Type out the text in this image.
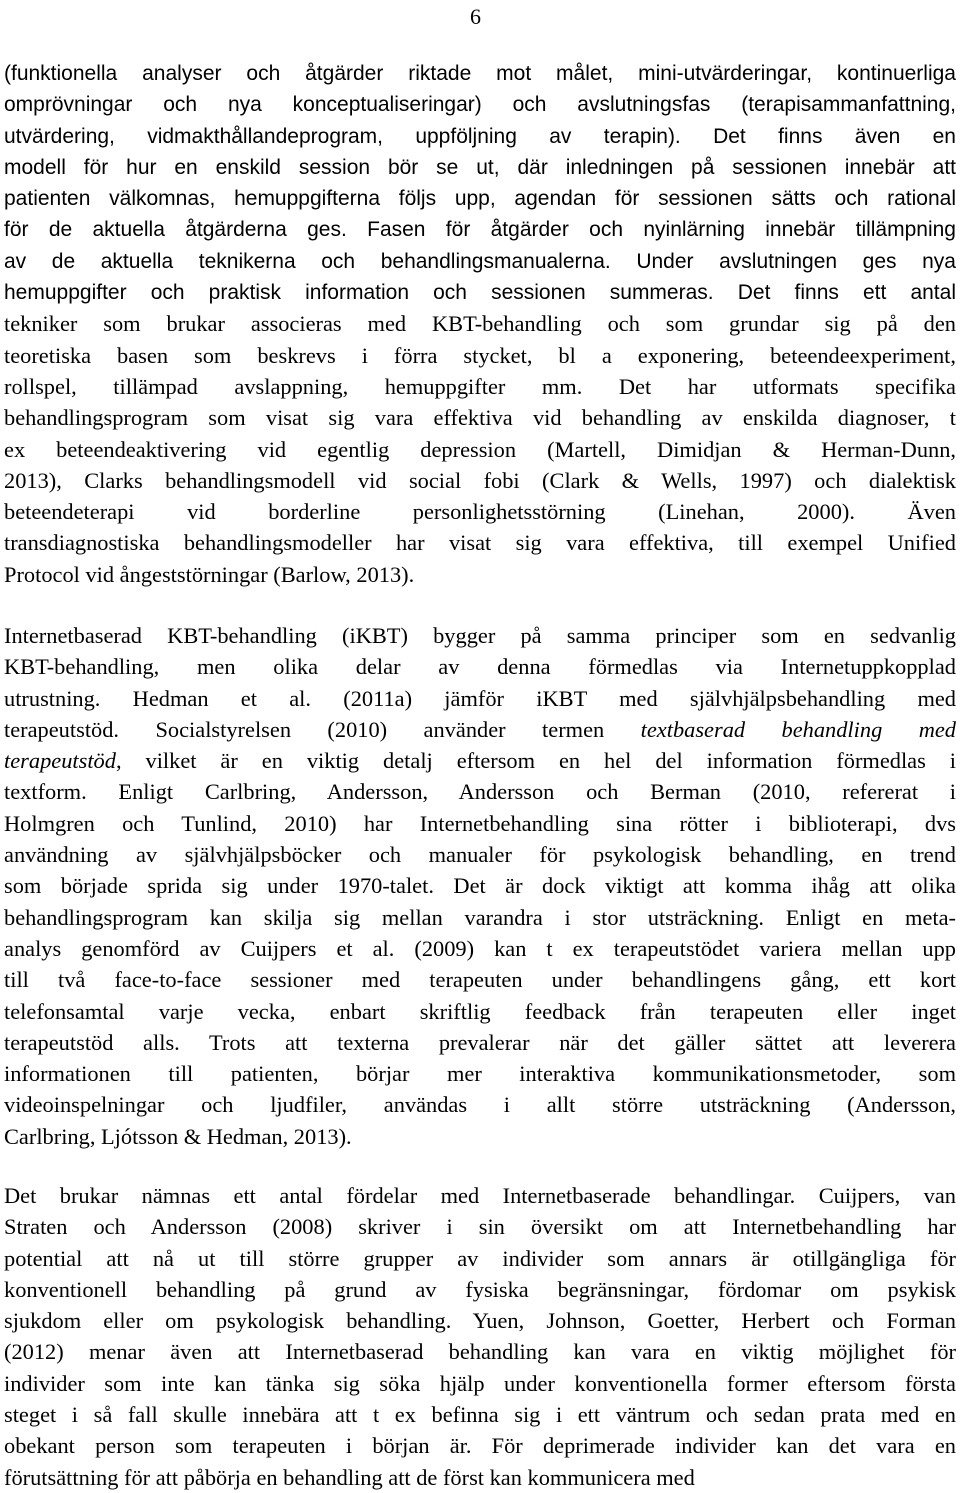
6
(funktionella analyser och åtgärder riktade mot målet, mini-utvärderingar, kontinuerliga
omprövningar och nya konceptualiseringar) och avslutningsfas (terapisammanfattning,
utvärdering, vidmakthållandeprogram, uppföljning av terapin). Det finns även en
modell för hur en enskild session bör se ut, där inledningen på sessionen innebär att
patienten välkomnas, hemuppgifterna följs upp, agendan för sessionen sätts och rational
för de aktuella åtgärderna ges. Fasen för åtgärder och nyinlärning innebär tillämpning
av de aktuella teknikerna och behandlingsmanualerna. Under avslutningen ges nya
hemuppgifter och praktisk information och sessionen summeras. Det finns ett antal
tekniker som brukar associeras med KBT-behandling och som grundar sig på den
teoretiska basen som beskrevs i förra stycket, bl a exponering, beteendeexperiment,
rollspel, tillämpad avslappning, hemuppgifter mm. Det har utformats specifika
behandlingsprogram som visat sig vara effektiva vid behandling av enskilda diagnoser, t
ex beteendeaktivering vid egentlig depression (Martell, Dimidjan & Herman-Dunn,
2013), Clarks behandlingsmodell vid social fobi (Clark & Wells, 1997) och dialektisk
beteendeterapi vid borderline personlighetsstörning (Linehan, 2000). Även
transdiagnostiska behandlingsmodeller har visat sig vara effektiva, till exempel Unified
Protocol vid ångeststörningar (Barlow, 2013).
Internetbaserad KBT-behandling (iKBT) bygger på samma principer som en sedvanlig
KBT-behandling, men olika delar av denna förmedlas via Internetuppkopplad
utrustning. Hedman et al. (2011a) jämför iKBT med självhjälpsbehandling med
terapeutstöd. Socialstyrelsen (2010) använder termen textbaserad behandling med
terapeutstöd, vilket är en viktig detalj eftersom en hel del information förmedlas i
textform. Enligt Carlbring, Andersson, Andersson och Berman (2010, refererat i
Holmgren och Tunlind, 2010) har Internetbehandling sina rötter i biblioterapi, dvs
användning av självhjälpsböcker och manualer för psykologisk behandling, en trend
som började sprida sig under 1970-talet. Det är dock viktigt att komma ihåg att olika
behandlingsprogram kan skilja sig mellan varandra i stor utsträckning. Enligt en meta-
analys genomförd av Cuijpers et al. (2009) kan t ex terapeutstödet variera mellan upp
till två face-to-face sessioner med terapeuten under behandlingens gång, ett kort
telefonsamtal varje vecka, enbart skriftlig feedback från terapeuten eller inget
terapeutstöd alls. Trots att texterna prevalerar när det gäller sättet att leverera
informationen till patienten, börjar mer interaktiva kommunikationsmetoder, som
videoinspelningar och ljudfiler, användas i allt större utsträckning (Andersson,
Carlbring, Ljótsson & Hedman, 2013).
Det brukar nämnas ett antal fördelar med Internetbaserade behandlingar. Cuijpers, van
Straten och Andersson (2008) skriver i sin översikt om att Internetbehandling har
potential att nå ut till större grupper av individer som annars är otillgängliga för
konventionell behandling på grund av fysiska begränsningar, fördomar om psykisk
sjukdom eller om psykologisk behandling. Yuen, Johnson, Goetter, Herbert och Forman
(2012) menar även att Internetbaserad behandling kan vara en viktig möjlighet för
individer som inte kan tänka sig söka hjälp under konventionella former eftersom första
steget i så fall skulle innebära att t ex befinna sig i ett väntrum och sedan prata med en
obekant person som terapeuten i början är. För deprimerade individer kan det vara en
förutsättning för att påbörja en behandling att de först kan kommunicera med
